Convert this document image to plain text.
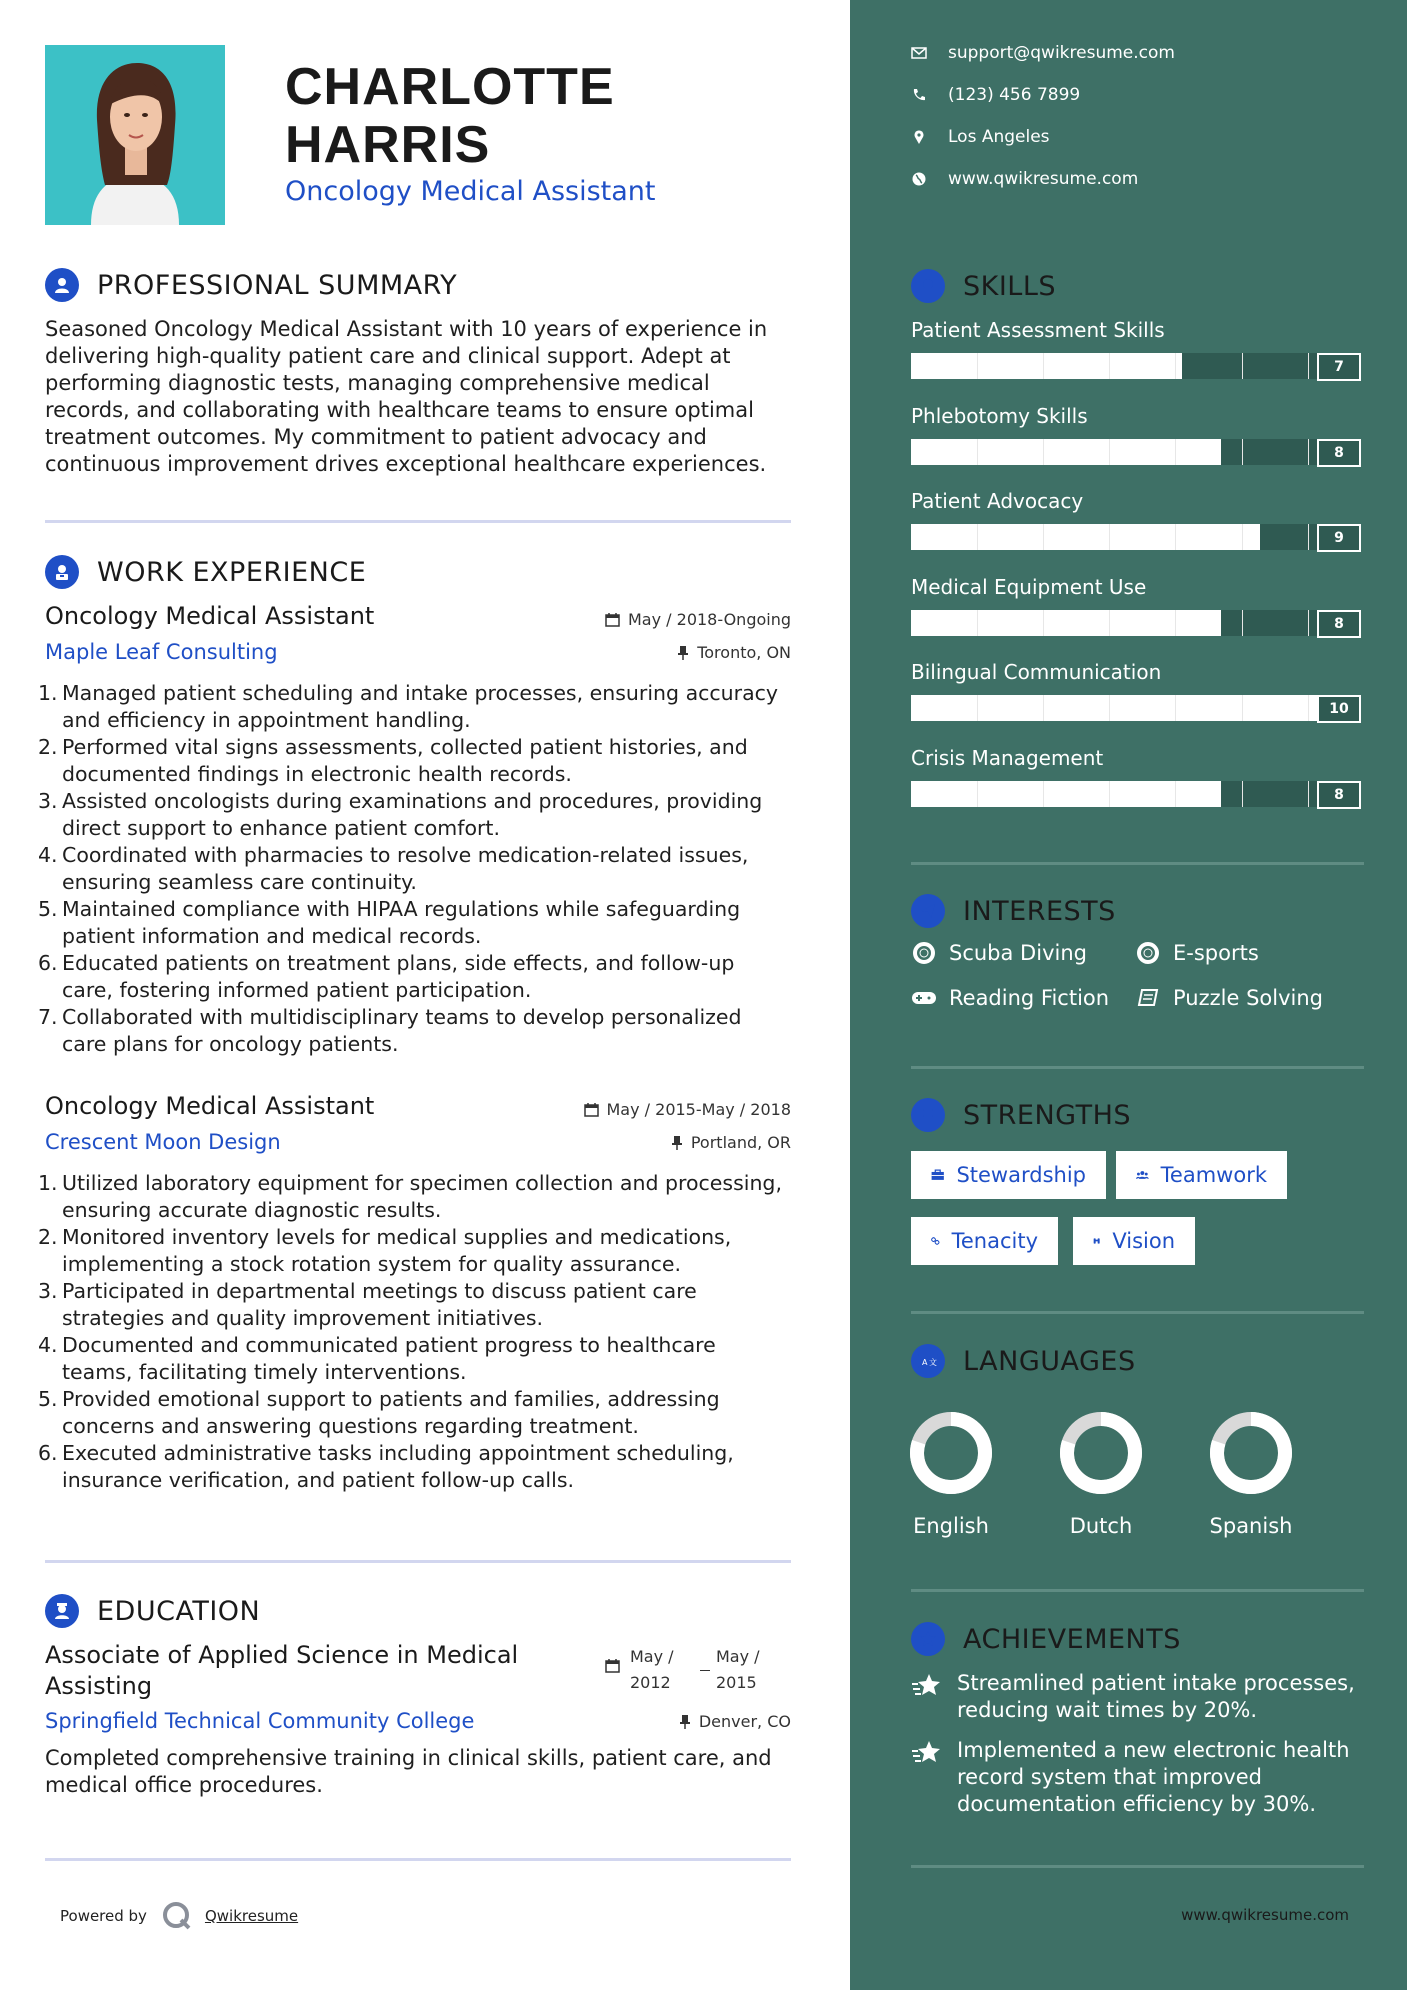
CHARLOTTE
HARRIS
Oncology Medical Assistant
PROFESSIONAL SUMMARY
Seasoned Oncology Medical Assistant with 10 years of experience in delivering high-quality patient care and clinical support. Adept at performing diagnostic tests, managing comprehensive medical records, and collaborating with healthcare teams to ensure optimal treatment outcomes. My commitment to patient advocacy and continuous improvement drives exceptional healthcare experiences.
WORK EXPERIENCE
Oncology Medical Assistant	May / 2018-Ongoing
Maple Leaf Consulting	Toronto, ON
1. Managed patient scheduling and intake processes, ensuring accuracy and efficiency in appointment handling.
2. Performed vital signs assessments, collected patient histories, and documented findings in electronic health records.
3. Assisted oncologists during examinations and procedures, providing direct support to enhance patient comfort.
4. Coordinated with pharmacies to resolve medication-related issues, ensuring seamless care continuity.
5. Maintained compliance with HIPAA regulations while safeguarding patient information and medical records.
6. Educated patients on treatment plans, side effects, and follow-up care, fostering informed patient participation.
7. Collaborated with multidisciplinary teams to develop personalized care plans for oncology patients.
Oncology Medical Assistant	May / 2015-May / 2018
Crescent Moon Design	Portland, OR
1. Utilized laboratory equipment for specimen collection and processing, ensuring accurate diagnostic results.
2. Monitored inventory levels for medical supplies and medications, implementing a stock rotation system for quality assurance.
3. Participated in departmental meetings to discuss patient care strategies and quality improvement initiatives.
4. Documented and communicated patient progress to healthcare teams, facilitating timely interventions.
5. Provided emotional support to patients and families, addressing concerns and answering questions regarding treatment.
6. Executed administrative tasks including appointment scheduling, insurance verification, and patient follow-up calls.
EDUCATION
Associate of Applied Science in Medical Assisting
May / 2012
May / 2015
Springfield Technical Community College	Denver, CO
Completed comprehensive training in clinical skills, patient care, and medical office procedures.
Powered by	Qwikresume
support@qwikresume.com
(123) 456 7899
Los Angeles
www.qwikresume.com
SKILLS
Patient Assessment Skills
7
Phlebotomy Skills
8
Patient Advocacy
9
Medical Equipment Use
8
Bilingual Communication
10
Crisis Management
8
INTERESTS
Scuba Diving	E-sports
Reading Fiction	Puzzle Solving
STRENGTHS
Stewardship	Teamwork
Tenacity	Vision
A 文 LANGUAGES
English	Dutch	Spanish
ACHIEVEMENTS
Streamlined patient intake processes, reducing wait times by 20%.
Implemented a new electronic health record system that improved documentation efficiency by 30%.
www.qwikresume.com
